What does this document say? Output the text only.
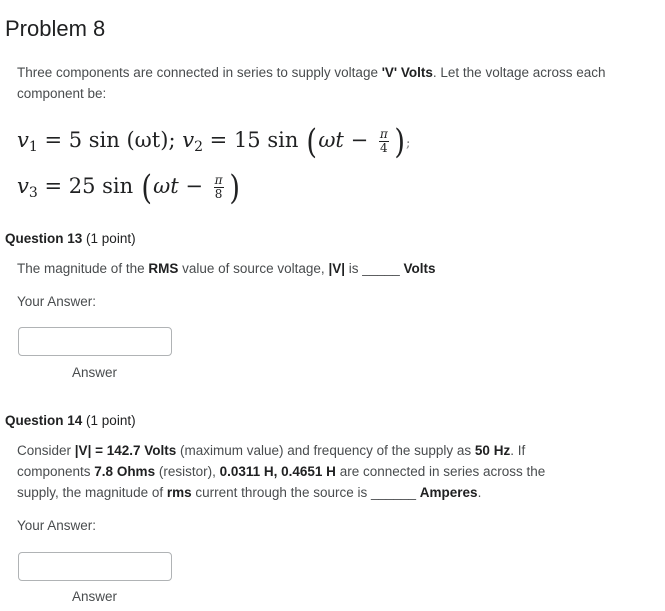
Problem 8
Three components are connected in series to supply voltage 'V' Volts. Let the voltage across each component be:
$v_1 = 5$ sin (ωt); $v_2 = 15$ $\sin (\omega t - \frac{\pi}{4}$ );
$v_3 = 25$ $\sin (\omega t - \frac{\pi}{8}$ )
Question 13 (1 point)
The magnitude of the RMS value of source voltage, |V| is _____ Volts
Your Answer:
Answer
Question 14 (1 point)
Consider |V| = 142.7 Volts (maximum value) and frequency of the supply as 50 Hz. If components 7.8 Ohms (resistor), 0.0311 H, 0.4651 H are connected in series across the supply, the magnitude of rms current through the source is ______ Amperes.
Your Answer:
Answer
